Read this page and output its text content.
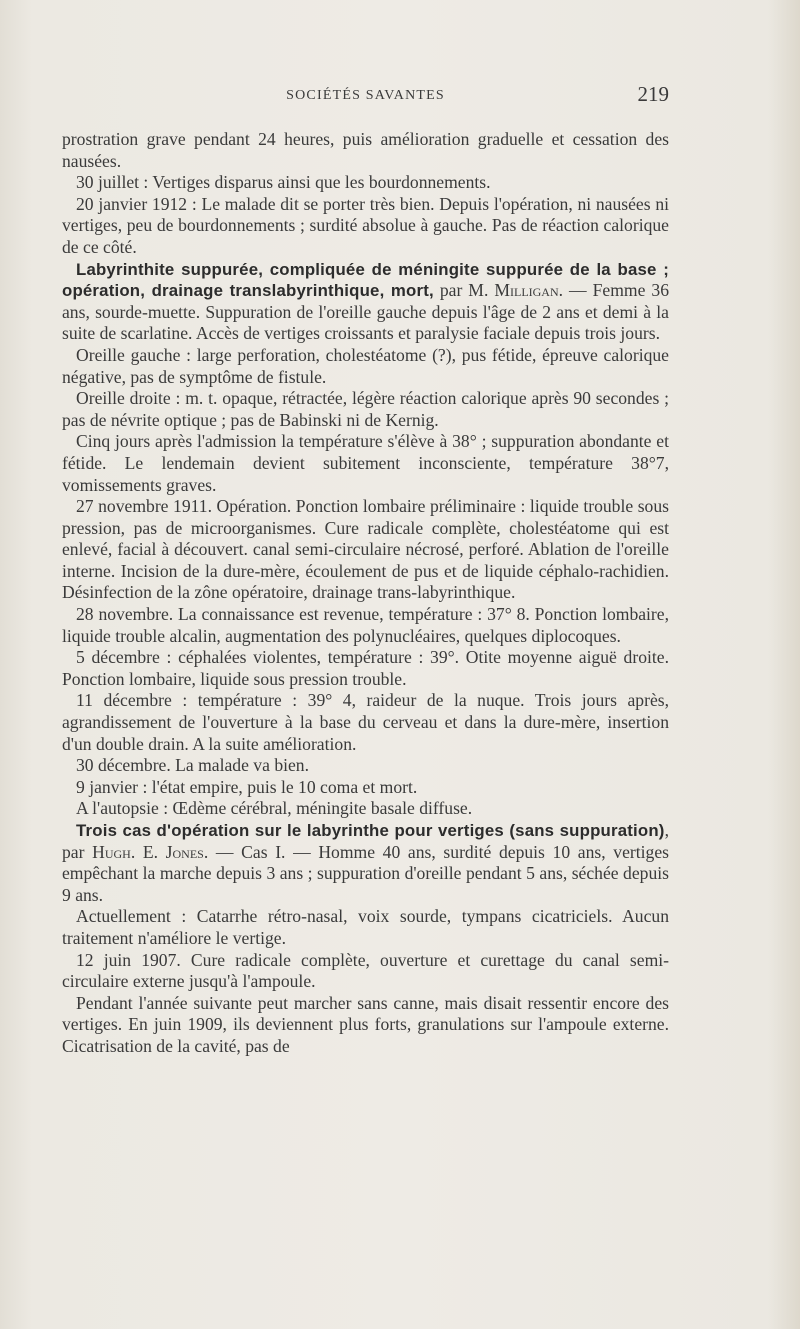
SOCIÉTÉS SAVANTES	219

prostration grave pendant 24 heures, puis amélioration graduelle et cessation des nausées.

30 juillet : Vertiges disparus ainsi que les bourdonnements.

20 janvier 1912 : Le malade dit se porter très bien. Depuis l'opération, ni nausées ni vertiges, peu de bourdonnements ; surdité absolue à gauche. Pas de réaction calorique de ce côté.

Labyrinthite suppurée, compliquée de méningite suppurée de la base ; opération, drainage translabyrinthique, mort, par M. Milligan. — Femme 36 ans, sourde-muette. Suppuration de l'oreille gauche depuis l'âge de 2 ans et demi à la suite de scarlatine. Accès de vertiges croissants et paralysie faciale depuis trois jours.

Oreille gauche : large perforation, cholestéatome (?), pus fétide, épreuve calorique négative, pas de symptôme de fistule.

Oreille droite : m. t. opaque, rétractée, légère réaction calorique après 90 secondes ; pas de névrite optique ; pas de Babinski ni de Kernig.

Cinq jours après l'admission la température s'élève à 38° ; suppuration abondante et fétide. Le lendemain devient subitement inconsciente, température 38°7, vomissements graves.

27 novembre 1911. Opération. Ponction lombaire préliminaire : liquide trouble sous pression, pas de microorganismes. Cure radicale complète, cholestéatome qui est enlevé, facial à découvert. canal semi-circulaire nécrosé, perforé. Ablation de l'oreille interne. Incision de la dure-mère, écoulement de pus et de liquide céphalo-rachidien. Désinfection de la zône opératoire, drainage trans-labyrinthique.

28 novembre. La connaissance est revenue, température : 37° 8. Ponction lombaire, liquide trouble alcalin, augmentation des polynucléaires, quelques diplocoques.

5 décembre : céphalées violentes, température : 39°. Otite moyenne aiguë droite. Ponction lombaire, liquide sous pression trouble.

11 décembre : température : 39° 4, raideur de la nuque. Trois jours après, agrandissement de l'ouverture à la base du cerveau et dans la dure-mère, insertion d'un double drain. A la suite amélioration.

30 décembre. La malade va bien.

9 janvier : l'état empire, puis le 10 coma et mort.

A l'autopsie : Œdème cérébral, méningite basale diffuse.

Trois cas d'opération sur le labyrinthe pour vertiges (sans suppuration), par Hugh. E. Jones. — Cas I. — Homme 40 ans, surdité depuis 10 ans, vertiges empêchant la marche depuis 3 ans ; suppuration d'oreille pendant 5 ans, séchée depuis 9 ans.

Actuellement : Catarrhe rétro-nasal, voix sourde, tympans cicatriciels. Aucun traitement n'améliore le vertige.

12 juin 1907. Cure radicale complète, ouverture et curettage du canal semi-circulaire externe jusqu'à l'ampoule.

Pendant l'année suivante peut marcher sans canne, mais disait ressentir encore des vertiges. En juin 1909, ils deviennent plus forts, granulations sur l'ampoule externe. Cicatrisation de la cavité, pas de
